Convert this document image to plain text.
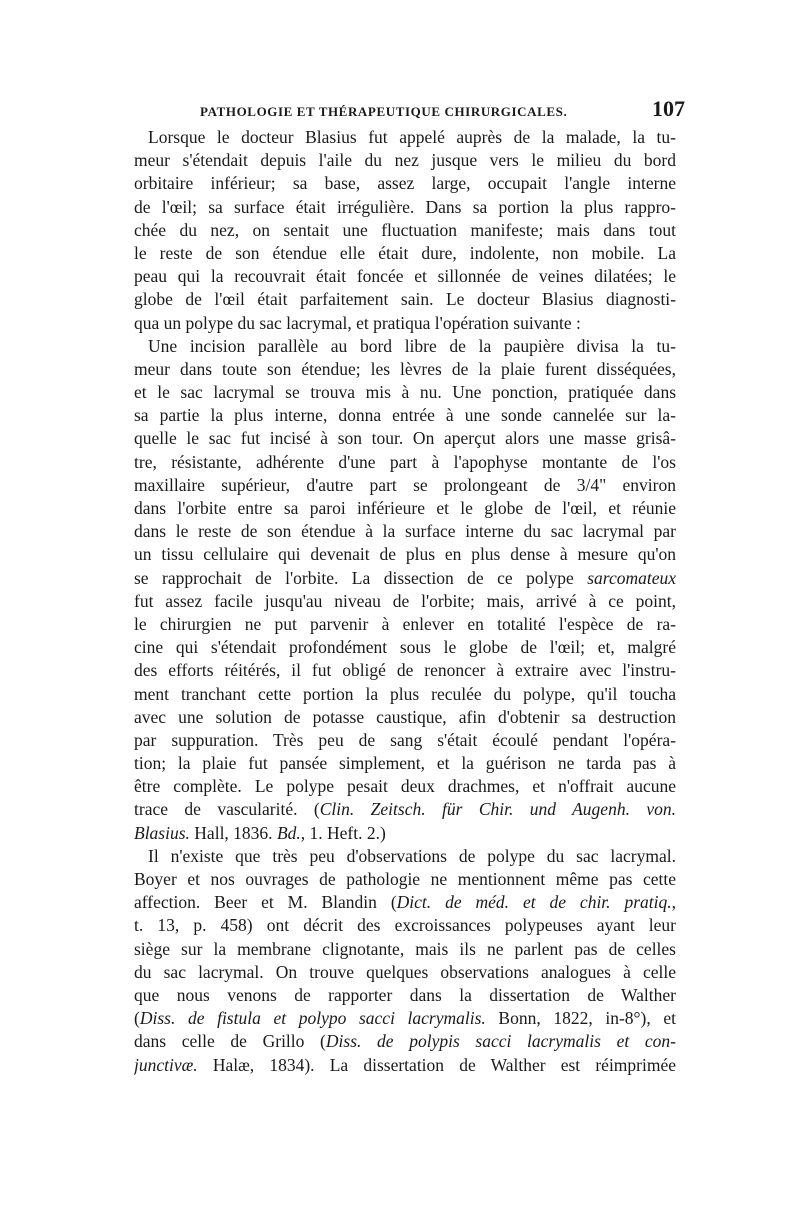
PATHOLOGIE ET THÉRAPEUTIQUE CHIRURGICALES.	107
Lorsque le docteur Blasius fut appelé auprès de la malade, la tu-
meur s'étendait depuis l'aile du nez jusque vers le milieu du bord
orbitaire inférieur; sa base, assez large, occupait l'angle interne
de l'œil; sa surface était irrégulière. Dans sa portion la plus rappro-
chée du nez, on sentait une fluctuation manifeste; mais dans tout
le reste de son étendue elle était dure, indolente, non mobile. La
peau qui la recouvrait était foncée et sillonnée de veines dilatées; le
globe de l'œil était parfaitement sain. Le docteur Blasius diagnosti-
qua un polype du sac lacrymal, et pratiqua l'opération suivante :
Une incision parallèle au bord libre de la paupière divisa la tu-
meur dans toute son étendue; les lèvres de la plaie furent disséquées,
et le sac lacrymal se trouva mis à nu. Une ponction, pratiquée dans
sa partie la plus interne, donna entrée à une sonde cannelée sur la-
quelle le sac fut incisé à son tour. On aperçut alors une masse grisâ-
tre, résistante, adhérente d'une part à l'apophyse montante de l'os
maxillaire supérieur, d'autre part se prolongeant de 3/4" environ
dans l'orbite entre sa paroi inférieure et le globe de l'œil, et réunie
dans le reste de son étendue à la surface interne du sac lacrymal par
un tissu cellulaire qui devenait de plus en plus dense à mesure qu'on
se rapprochait de l'orbite. La dissection de ce polype sarcomateux
fut assez facile jusqu'au niveau de l'orbite; mais, arrivé à ce point,
le chirurgien ne put parvenir à enlever en totalité l'espèce de ra-
cine qui s'étendait profondément sous le globe de l'œil; et, malgré
des efforts réitérés, il fut obligé de renoncer à extraire avec l'instru-
ment tranchant cette portion la plus reculée du polype, qu'il toucha
avec une solution de potasse caustique, afin d'obtenir sa destruction
par suppuration. Très peu de sang s'était écoulé pendant l'opéra-
tion; la plaie fut pansée simplement, et la guérison ne tarda pas à
être complète. Le polype pesait deux drachmes, et n'offrait aucune
trace de vascularité. (Clin. Zeitsch. für Chir. und Augenh. von.
Blasius. Hall, 1836. Bd., 1. Heft. 2.)
Il n'existe que très peu d'observations de polype du sac lacrymal.
Boyer et nos ouvrages de pathologie ne mentionnent même pas cette
affection. Beer et M. Blandin (Dict. de méd. et de chir. pratiq.,
t. 13, p. 458) ont décrit des excroissances polypeuses ayant leur
siège sur la membrane clignotante, mais ils ne parlent pas de celles
du sac lacrymal. On trouve quelques observations analogues à celle
que nous venons de rapporter dans la dissertation de Walther
(Diss. de fistula et polypo sacci lacrymalis. Bonn, 1822, in-8°), et
dans celle de Grillo (Diss. de polypis sacci lacrymalis et con-
junctivæ. Halæ, 1834). La dissertation de Walther est réimprimée
